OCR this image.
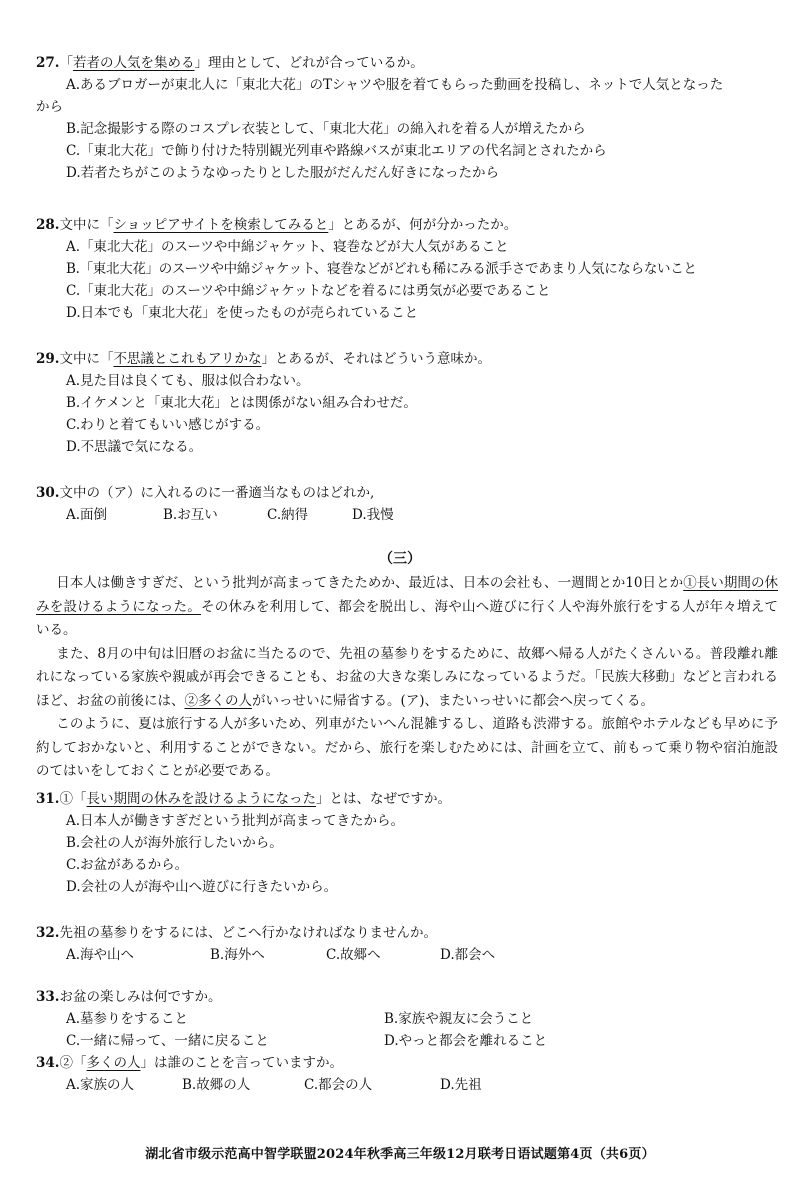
27.「若者の人気を集める」理由として、どれが合っているか。
A.あるブロガーが東北人に「東北大花」のTシャツや服を着てもらった動画を投稿し、ネットで人気となった
から
B.記念撮影する際のコスプレ衣装として、「東北大花」の綿入れを着る人が増えたから
C.「東北大花」で飾り付けた特別観光列車や路線バスが東北エリアの代名詞とされたから
D.若者たちがこのようなゆったりとした服がだんだん好きになったから
28.文中に「ショッピアサイトを検索してみると」とあるが、何が分かったか。
A.「東北大花」のスーツや中綿ジャケット、寝巻などが大人気があること
B.「東北大花」のスーツや中綿ジャケット、寝巻などがどれも稀にみる派手さであまり人気にならないこと
C.「東北大花」のスーツや中綿ジャケットなどを着るには勇気が必要であること
D.日本でも「東北大花」を使ったものが売られていること
29.文中に「不思議とこれもアリかな」とあるが、それはどういう意味か。
A.見た目は良くても、服は似合わない。
B.イケメンと「東北大花」とは関係がない組み合わせだ。
C.わりと着てもいい感じがする。
D.不思議で気になる。
30.文中の（ア）に入れるのに一番適当なものはどれか,
A.面倒	B.お互い	C.納得	D.我慢
（三）

日本人は働きすぎだ、という批判が高まってきたためか、最近は、日本の会社も、一週間とか10日とか①長い期間の休みを設けるようになった。その休みを利用して、都会を脱出し、海や山へ遊びに行く人や海外旅行をする人が年々増えている。

また、8月の中旬は旧暦のお盆に当たるので、先祖の墓参りをするために、故郷へ帰る人がたくさんいる。普段離れ離れになっている家族や親戚が再会できることも、お盆の大きな楽しみになっているようだ。「民族大移動」などと言われるほど、お盆の前後には、②多くの人がいっせいに帰省する。(ア)、またいっせいに都会へ戻ってくる。

このように、夏は旅行する人が多いため、列車がたいへん混雑するし、道路も渋滞する。旅館やホテルなども早めに予約しておかないと、利用することができない。だから、旅行を楽しむためには、計画を立て、前もって乗り物や宿泊施設のてはいをしておくことが必要である。

31.①「長い期間の休みを設けるようになった」とは、なぜですか。
A.日本人が働きすぎだという批判が高まってきたから。
B.会社の人が海外旅行したいから。
C.お盆があるから。
D.会社の人が海や山へ遊びに行きたいから。
32.先祖の墓参りをするには、どこへ行かなければなりませんか。
A.海や山へ	B.海外へ	C.故郷へ	D.都会へ
33.お盆の楽しみは何ですか。
A.墓参りをすること	B.家族や親友に会うこと
C.一緒に帰って、一緒に戻ること	D.やっと都会を離れること
34.②「多くの人」は誰のことを言っていますか。
A.家族の人	B.故郷の人	C.都会の人	D.先祖
湖北省市级示范高中智学联盟2024年秋季高三年级12月联考日语试题第4页（共6页）
